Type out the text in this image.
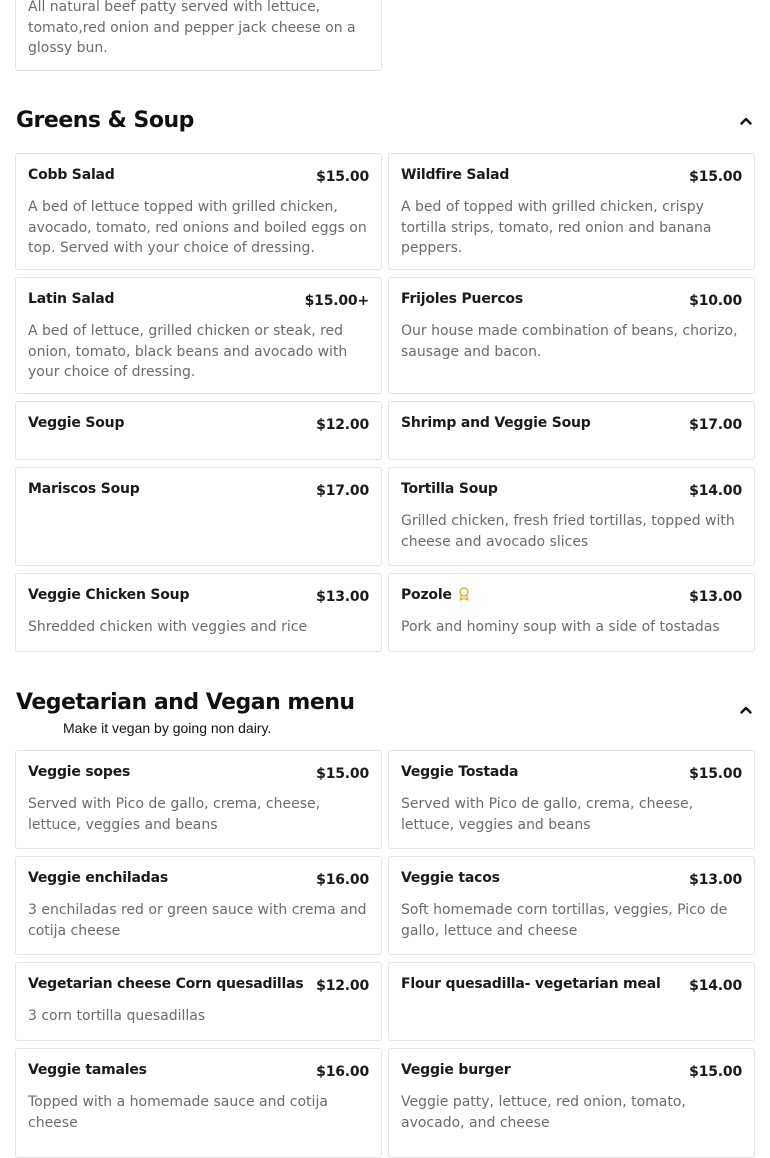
All natural beef patty served with lettuce, tomato,red onion and pepper jack cheese on a glossy bun.
Greens & Soup
Cobb Salad	$15.00
A bed of lettuce topped with grilled chicken, avocado, tomato, red onions and boiled eggs on top. Served with your choice of dressing.
Wildfire Salad	$15.00
A bed of topped with grilled chicken, crispy tortilla strips, tomato, red onion and banana peppers.
Latin Salad	$15.00+
A bed of lettuce, grilled chicken or steak, red onion, tomato, black beans and avocado with your choice of dressing.
Frijoles Puercos	$10.00
Our house made combination of beans, chorizo, sausage and bacon.
Veggie Soup	$12.00 Shrimp and Veggie Soup	$17.00
Mariscos Soup	$17.00 Tortilla Soup	$14.00
Grilled chicken, fresh fried tortillas, topped with cheese and avocado slices
Veggie Chicken Soup	$13.00
Shredded chicken with veggies and rice
Pozole	$13.00
Pork and hominy soup with a side of tostadas
Vegetarian and Vegan menu
Make it vegan by going non dairy.
Veggie sopes	$15.00
Served with Pico de gallo, crema, cheese, lettuce, veggies and beans
Veggie Tostada	$15.00
Served with Pico de gallo, crema, cheese, lettuce, veggies and beans
Veggie enchiladas	$16.00
3 enchiladas red or green sauce with crema and cotija cheese
Veggie tacos	$13.00
Soft homemade corn tortillas, veggies, Pico de gallo, lettuce and cheese
Vegetarian cheese Corn quesadillas $12.00
3 corn tortilla quesadillas
Flour quesadilla- vegetarian meal $14.00
Veggie tamales	$16.00
Topped with a homemade sauce and cotija cheese
Veggie burger	$15.00
Veggie patty, lettuce, red onion, tomato, avocado, and cheese
